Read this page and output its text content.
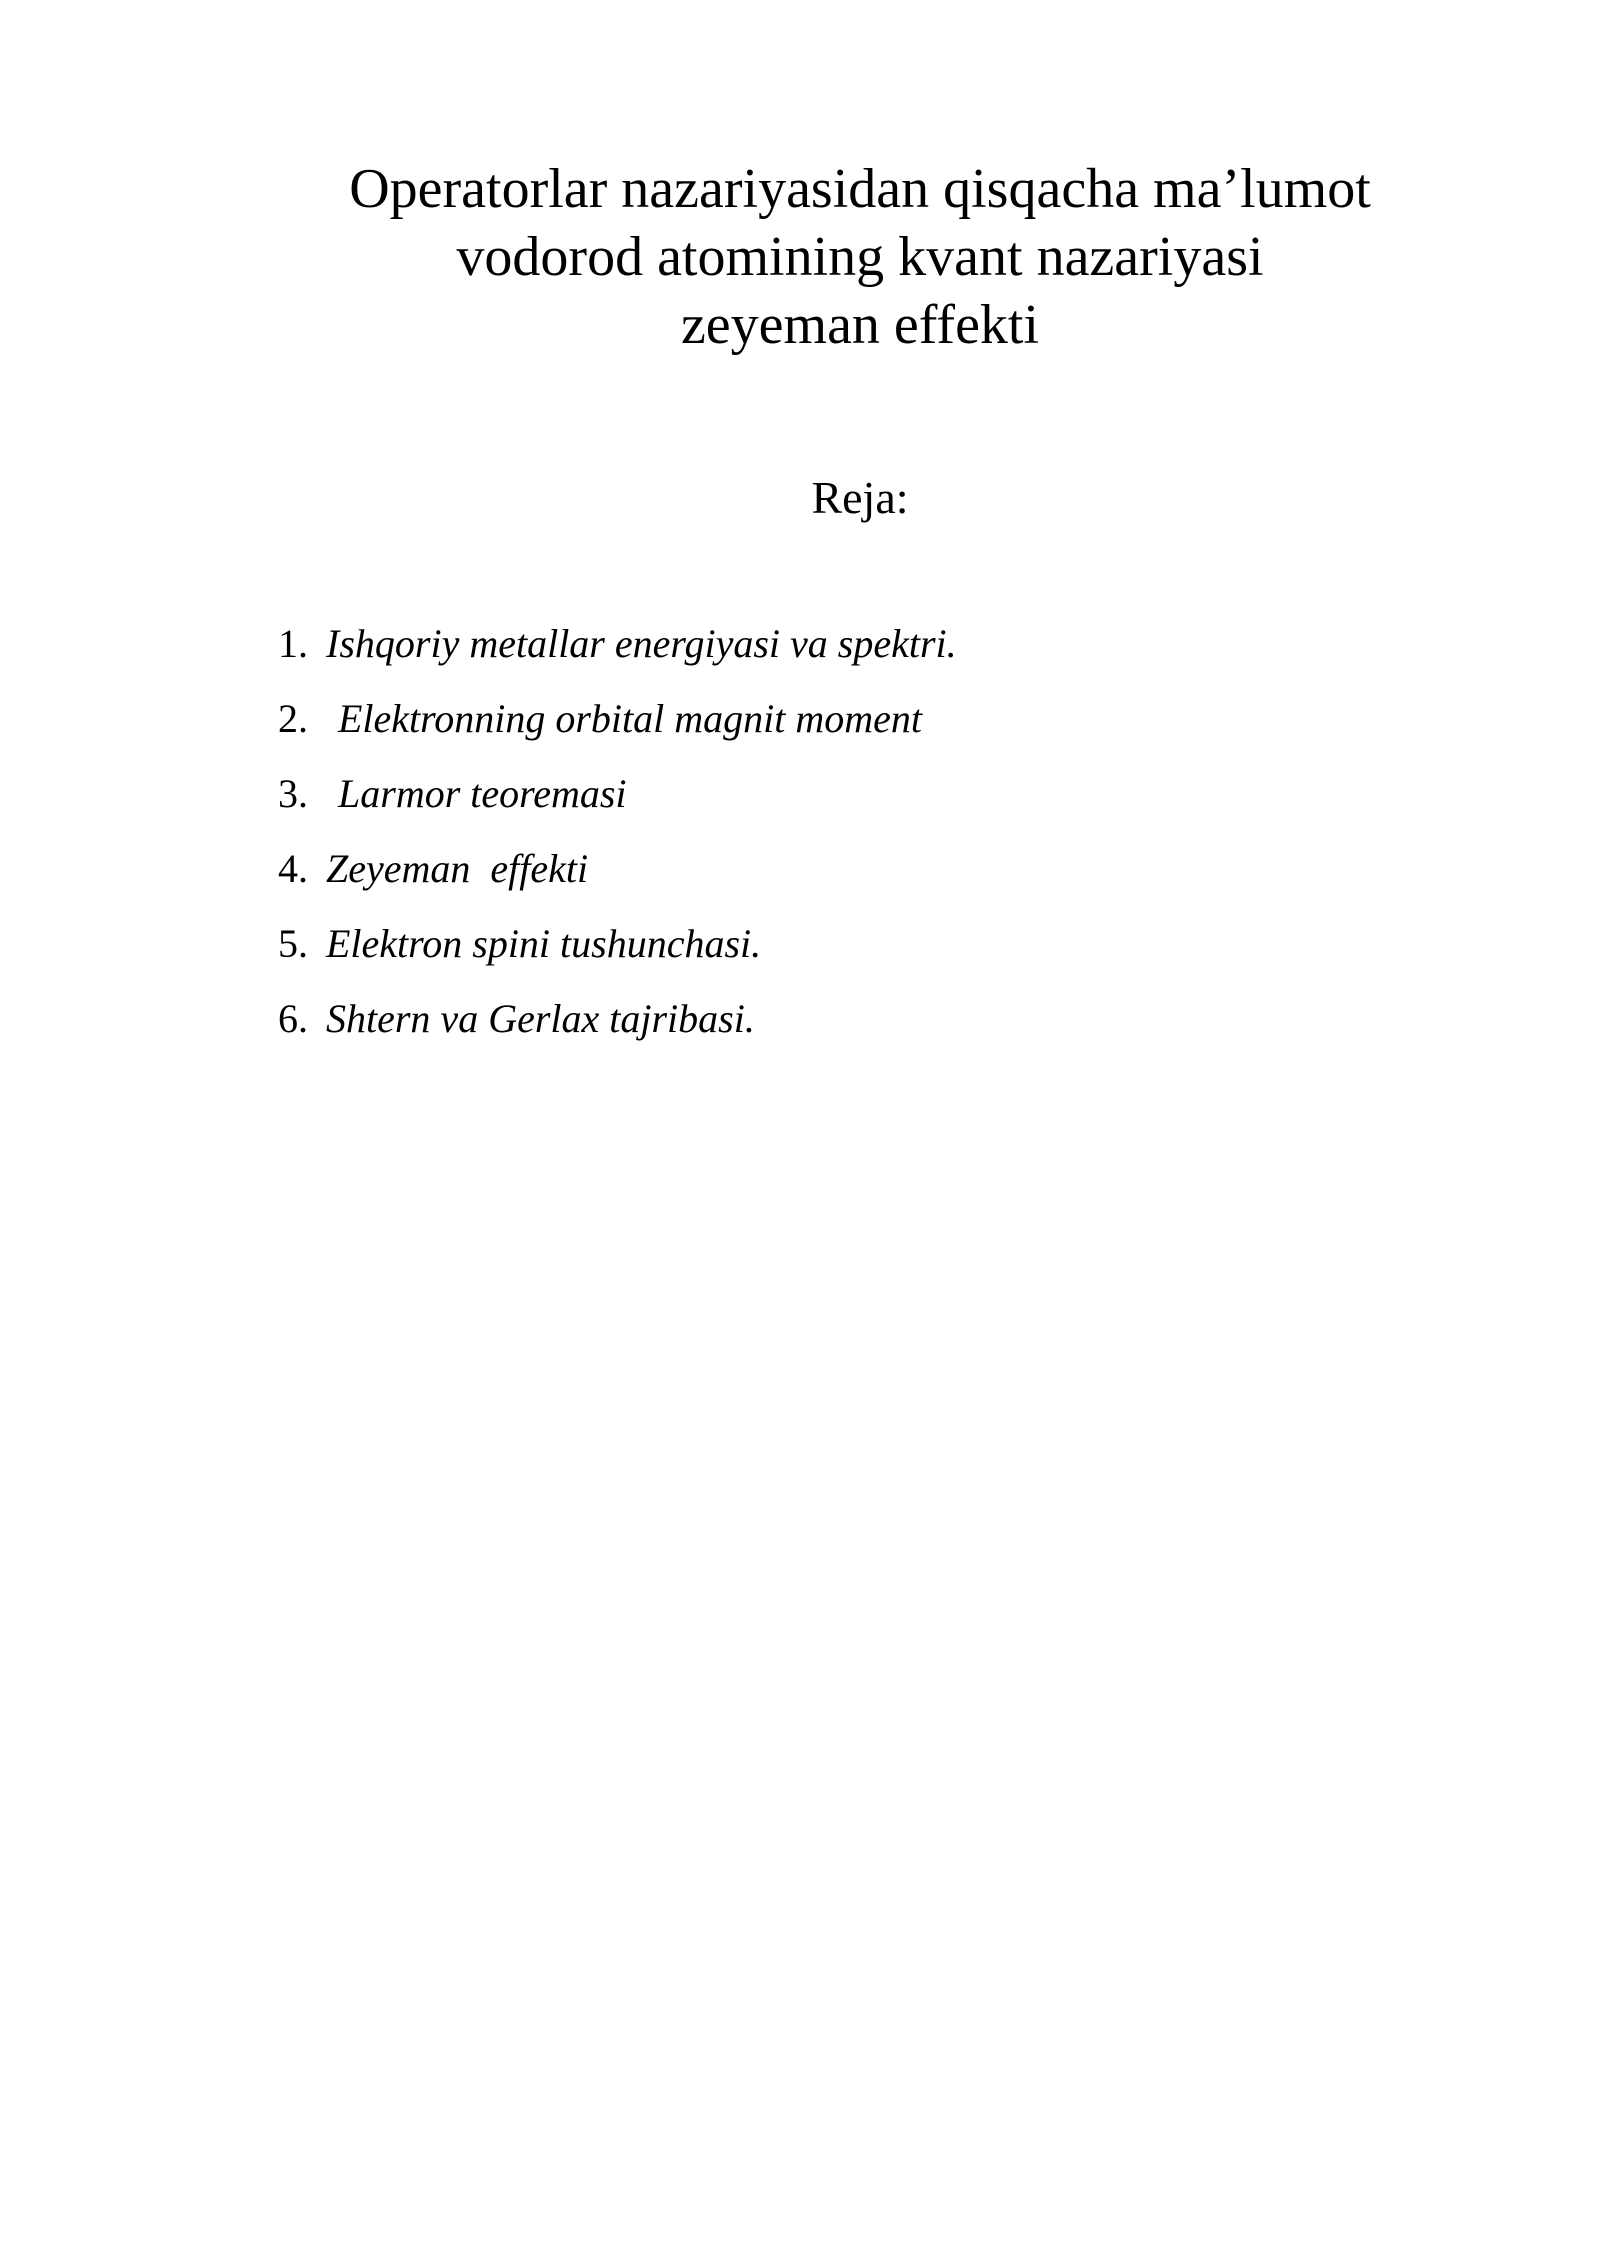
Operatorlar nazariyasidan qisqacha ma’lumot
vodorod atomining kvant nazariyasi
zeyeman effekti
Reja:
1. Ishqoriy metallar energiyasi va spektri.
2. Elektronning orbital magnit moment
3. Larmor teoremasi
4. Zeyeman  effekti
5. Elektron spini tushunchasi.
6. Shtern va Gerlax tajribasi.
